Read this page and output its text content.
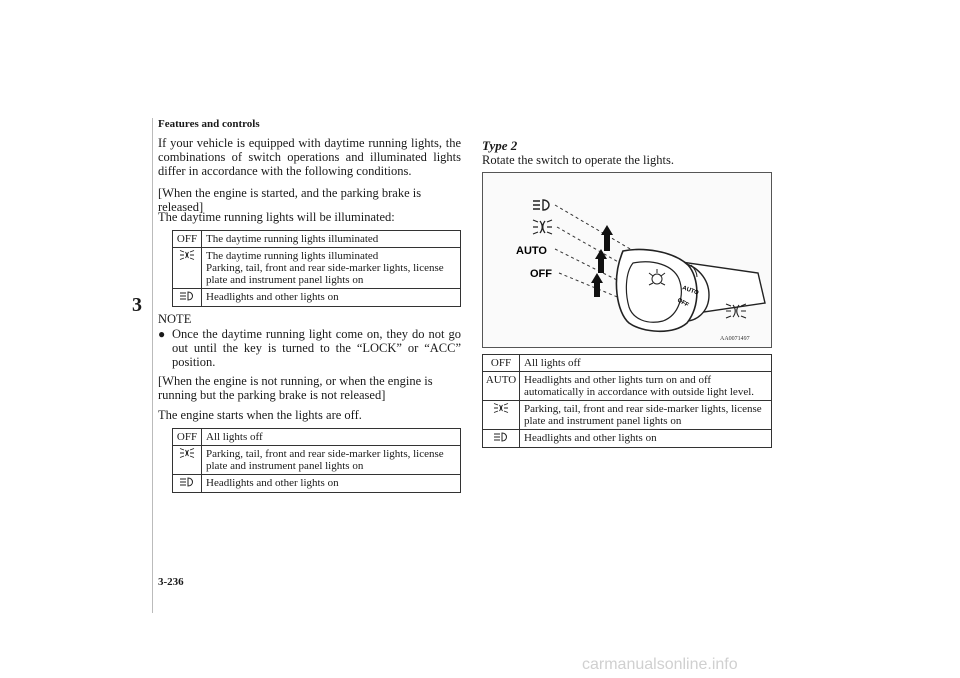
3
Features and controls
3-236
carmanualsonline.info

If your vehicle is equipped with daytime running lights, the combinations of switch operations and illuminated lights differ in accordance with the following conditions.

[When the engine is started, and the parking brake is released]

The daytime running lights will be illuminated:

OFF	The daytime running lights illuminated
	The daytime running lights illuminated
Parking, tail, front and rear side-marker lights, license plate and instrument panel lights on
	Headlights and other lights on
NOTE
● Once the daytime running light come on, they do not go out until the key is turned to the “LOCK” or “ACC” position.

[When the engine is not running, or when the engine is running but the parking brake is not released]

The engine starts when the lights are off.

OFF	All lights off
	Parking, tail, front and rear side-marker lights, license plate and instrument panel lights on
	Headlights and other lights on
Type 2

Rotate the switch to operate the lights.

AUTO
OFF
AUTO
OFF
AA0071497
OFF	All lights off
AUTO	Headlights and other lights turn on and off automatically in accordance with outside light level.
	Parking, tail, front and rear side-marker lights, license plate and instrument panel lights on
	Headlights and other lights on
